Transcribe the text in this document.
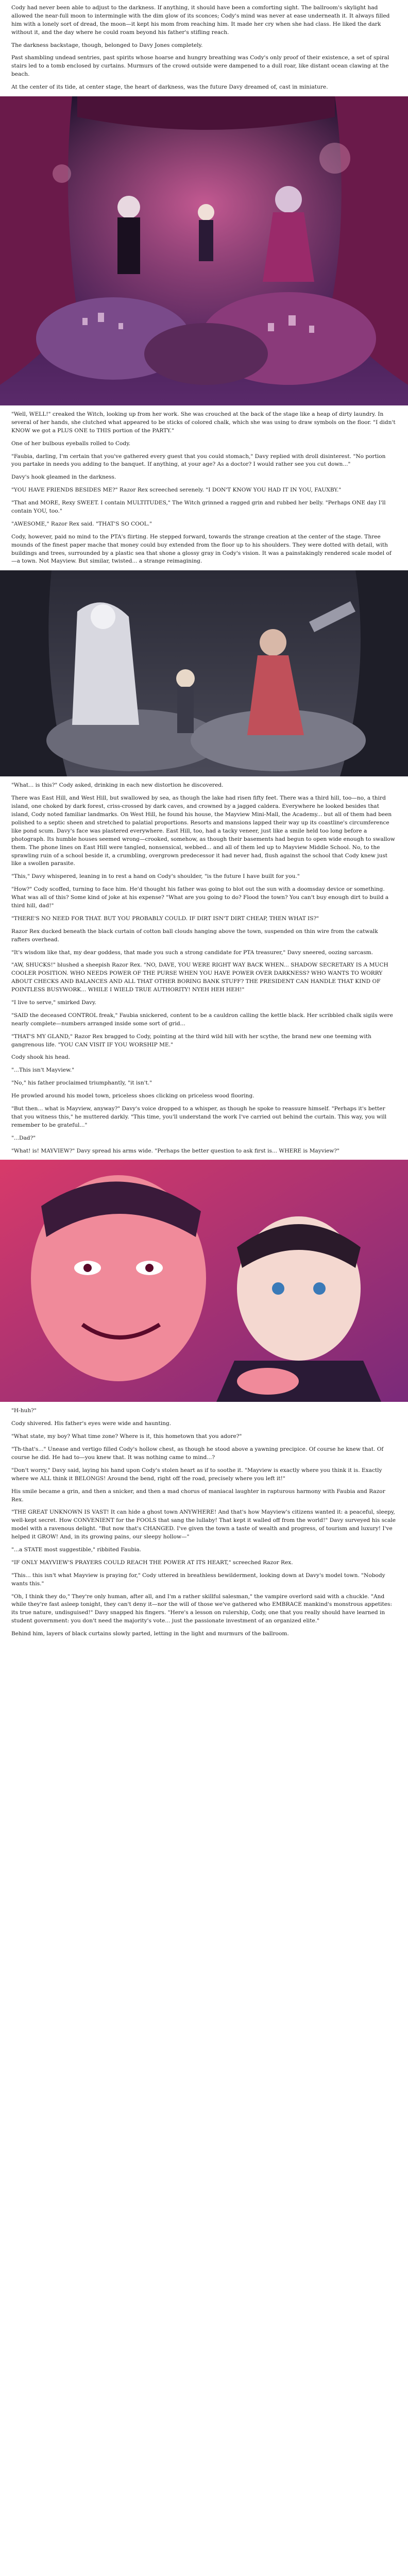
Cody had never been able to adjust to the darkness. If anything, it should have been a comforting sight. The ballroom's skylight had allowed the near-full moon to intermingle with the dim glow of its sconces; Cody's mind was never at ease underneath it. It always filled him with a lonely sort of dread, the moon—it kept his mom from reaching him. It made her cry when she had class. He liked the dark without it, and the day where he could roam beyond his father's stifling reach.

The darkness backstage, though, belonged to Davy Jones completely.

Past shambling undead sentries, past spirits whose hoarse and hungry breathing was Cody's only proof of their existence, a set of spiral stairs led to a tomb enclosed by curtains. Murmurs of the crowd outside were dampened to a dull roar, like distant ocean clawing at the beach.

At the center of its tide, at center stage, the heart of darkness, was the future Davy dreamed of, cast in miniature.

"Well, WELL!" creaked the Witch, looking up from her work. She was crouched at the back of the stage like a heap of dirty laundry. In several of her hands, she clutched what appeared to be sticks of colored chalk, which she was using to draw symbols on the floor. "I didn't KNOW we got a PLUS ONE to THIS portion of the PARTY."

One of her bulbous eyeballs rolled to Cody.

"Faubia, darling, I'm certain that you've gathered every guest that you could stomach," Davy replied with droll disinterest. "No portion you partake in needs you adding to the banquet. If anything, at your age? As a doctor? I would rather see you cut down..."

Davy's hook gleamed in the darkness.

"YOU HAVE FRIENDS BESIDES ME?" Razor Rex screeched serenely. "I DON'T KNOW YOU HAD IT IN YOU, FAUXBY."

"That and MORE, Rexy SWEET. I contain MULTITUDES," The Witch grinned a ragged grin and rubbed her belly. "Perhaps ONE day I'll contain YOU, too."

"AWESOME," Razor Rex said. "THAT'S SO COOL."

Cody, however, paid no mind to the PTA's flirting. He stepped forward, towards the strange creation at the center of the stage. Three mounds of the finest paper mache that money could buy extended from the floor up to his shoulders. They were dotted with detail, with buildings and trees, surrounded by a plastic sea that shone a glossy gray in Cody's vision. It was a painstakingly rendered scale model of—a town. Not Mayview. But similar, twisted... a strange reimagining.

"What... is this?" Cody asked, drinking in each new distortion he discovered.

There was East Hill, and West Hill, but swallowed by sea, as though the lake had risen fifty feet. There was a third hill, too—no, a third island, one choked by dark forest, criss-crossed by dark caves, and crowned by a jagged caldera. Everywhere he looked besides that island, Cody noted familiar landmarks. On West Hill, he found his house, the Mayview Mini-Mall, the Academy... but all of them had been polished to a septic sheen and stretched to palatial proportions. Resorts and mansions lapped their way up its coastline's circumference like pond scum. Davy's face was plastered everywhere. East Hill, too, had a tacky veneer, just like a smile held too long before a photograph. Its humble houses seemed wrong—crooked, somehow, as though their basements had begun to open wide enough to swallow them. The phone lines on East Hill were tangled, nonsensical, webbed... and all of them led up to Mayview Middle School. No, to the sprawling ruin of a school beside it, a crumbling, overgrown predecessor it had never had, flush against the school that Cody knew just like a swollen parasite.

"This," Davy whispered, leaning in to rest a hand on Cody's shoulder, "is the future I have built for you."

"How?" Cody scoffed, turning to face him. He'd thought his father was going to blot out the sun with a doomsday device or something. What was all of this? Some kind of joke at his expense? "What are you going to do? Flood the town? You can't buy enough dirt to build a third hill, dad!"

"THERE'S NO NEED FOR THAT. BUT YOU PROBABLY COULD. IF DIRT ISN'T DIRT CHEAP, THEN WHAT IS?"

Razor Rex ducked beneath the black curtain of cotton ball clouds hanging above the town, suspended on thin wire from the catwalk rafters overhead.

"It's wisdom like that, my dear goddess, that made you such a strong candidate for PTA treasurer," Davy sneered, oozing sarcasm.

"AW, SHUCKS!" blushed a sheepish Razor Rex. "NO, DAVE, YOU WERE RIGHT WAY BACK WHEN... SHADOW SECRETARY IS A MUCH COOLER POSITION. WHO NEEDS POWER OF THE PURSE WHEN YOU HAVE POWER OVER DARKNESS? WHO WANTS TO WORRY ABOUT CHECKS AND BALANCES AND ALL THAT OTHER BORING BANK STUFF? THE PRESIDENT CAN HANDLE THAT KIND OF POINTLESS BUSYWORK... WHILE I WIELD TRUE AUTHORITY! NYEH HEH HEH!"

"I live to serve," smirked Davy.

"SAID the deceased CONTROL freak," Faubia snickered, content to be a cauldron calling the kettle black. Her scribbled chalk sigils were nearly complete—numbers arranged inside some sort of grid...

"THAT'S MY GLAND," Razor Rex bragged to Cody, pointing at the third wild hill with her scythe, the brand new one teeming with gangrenous life. "YOU CAN VISIT IF YOU WORSHIP ME."

Cody shook his head.

"...This isn't Mayview."

"No," his father proclaimed triumphantly, "it isn't."

He prowled around his model town, priceless shoes clicking on priceless wood flooring.

"But then... what is Mayview, anyway?" Davy's voice dropped to a whisper, as though he spoke to reassure himself. "Perhaps it's better that you witness this," he muttered darkly. "This time, you'll understand the work I've carried out behind the curtain. This way, you will remember to be grateful..."

"...Dad?"

"What! is! MAYVIEW?" Davy spread his arms wide. "Perhaps the better question to ask first is... WHERE is Mayview?"

"H-huh?"

Cody shivered. His father's eyes were wide and haunting.

"What state, my boy? What time zone? Where is it, this hometown that you adore?"

"Th-that's..." Unease and vertigo filled Cody's hollow chest, as though he stood above a yawning precipice. Of course he knew that. Of course he did. He had to—you knew that. It was nothing came to mind...?

"Don't worry," Davy said, laying his hand upon Cody's stolen heart as if to soothe it. "Mayview is exactly where you think it is. Exactly where we ALL think it BELONGS! Around the bend, right off the road, precisely where you left it!"

His smile became a grin, and then a snicker, and then a mad chorus of maniacal laughter in rapturous harmony with Faubia and Razor Rex.

"THE GREAT UNKNOWN IS VAST! It can hide a ghost town ANYWHERE! And that's how Mayview's citizens wanted it: a peaceful, sleepy, well-kept secret. How CONVENIENT for the FOOLS that sang the lullaby! That kept it walled off from the world!" Davy surveyed his scale model with a ravenous delight. "But now that's CHANGED. I've given the town a taste of wealth and progress, of tourism and luxury! I've helped it GROW! And, in its growing pains, our sleepy hollow—"

"...a STATE most suggestible," ribbited Faubia.

"IF ONLY MAYVIEW'S PRAYERS COULD REACH THE POWER AT ITS HEART," screeched Razor Rex.

"This... this isn't what Mayview is praying for," Cody uttered in breathless bewilderment, looking down at Davy's model town. "Nobody wants this."

"Oh, I think they do," They're only human, after all, and I'm a rather skillful salesman," the vampire overlord said with a chuckle. "And while they're fast asleep tonight, they can't deny it—nor the will of those we've gathered who EMBRACE mankind's monstrous appetites: its true nature, undisguised!" Davy snapped his fingers. "Here's a lesson on rulership, Cody, one that you really should have learned in student government: you don't need the majority's vote... just the passionate investment of an organized elite."

Behind him, layers of black curtains slowly parted, letting in the light and murmurs of the ballroom.
